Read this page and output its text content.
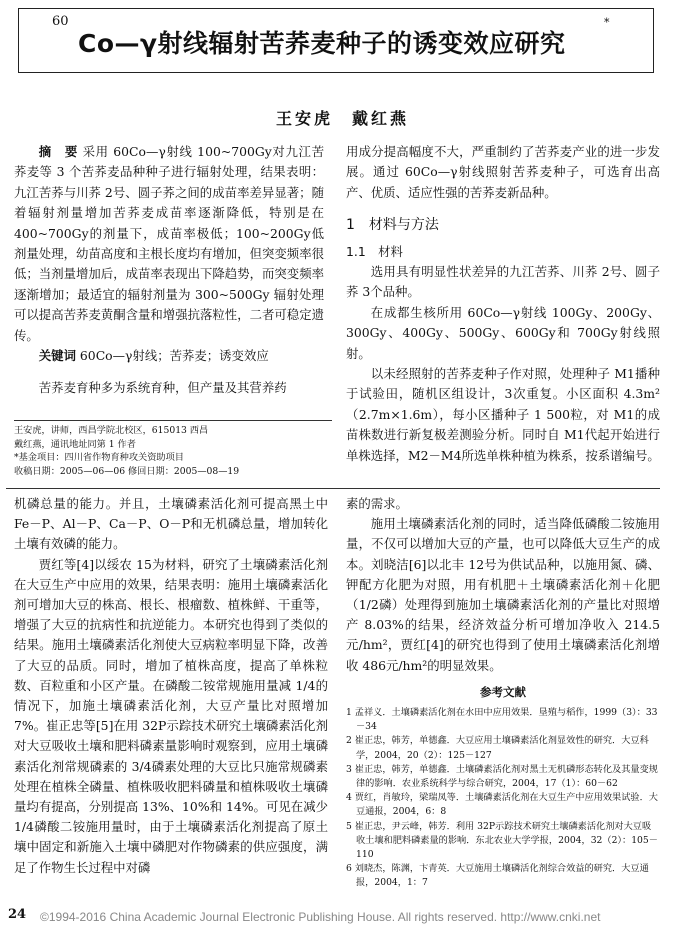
60
Co—γ射线辐射苦荞麦种子的诱变效应研究
*
王安虎　戴红燕

摘　要 采用 60Co—γ射线 100~700Gy对九江苦荞麦等 3 个苦荞麦品种种子进行辐射处理，结果表明：九江苦荞与川荞 2号、圆子荞之间的成苗率差异显著；随着辐射剂量增加苦荞麦成苗率逐渐降低，特别是在 400~700Gy的剂量下，成苗率极低；100~200Gy低剂量处理，幼苗高度和主根长度均有增加，但突变频率很低；当剂量增加后，成苗率表现出下降趋势，而突变频率逐渐增加；最适宜的辐射剂量为 300~500Gy 辐射处理可以提高苦荞麦黄酮含量和增强抗落粒性，二者可稳定遗传。

关键词 60Co—γ射线；苦荞麦；诱变效应

苦荞麦育种多为系统育种，但产量及其营养药

王安虎，讲师，西昌学院北校区，615013 西昌
戴红燕，通讯地址同第 1 作者
*基金项目：四川省作物育种攻关资助项目
收稿日期：2005—06—06 修回日期：2005—08—19

用成分提高幅度不大，严重制约了苦荞麦产业的进一步发展。通过 60Co—γ射线照射苦荞麦种子，可选育出高产、优质、适应性强的苦荞麦新品种。

1　材料与方法
1.1　材料

选用具有明显性状差异的九江苦荞、川荞 2号、圆子荞 3个品种。

在成都生核所用 60Co—γ射线 100Gy、200Gy、300Gy、400Gy、500Gy、600Gy和 700Gy射线照射。

以未经照射的苦荞麦种子作对照，处理种子 M1播种于试验田，随机区组设计，3次重复。小区面积 4.3m²（2.7m×1.6m），每小区播种子 1 500粒，对 M1的成苗株数进行新复极差测验分析。同时自 M1代起开始进行单株选择，M2－M4所选单株种植为株系，按系谱编号。

机磷总量的能力。并且，土壤磷素活化剂可提高黑土中 Fe－P、Al－P、Ca－P、O－P和无机磷总量，增加转化土壤有效磷的能力。

贾红等[4]以绥农 15为材料，研究了土壤磷素活化剂在大豆生产中应用的效果，结果表明：施用土壤磷素活化剂可增加大豆的株高、根长、根瘤数、植株鲜、干重等，增强了大豆的抗病性和抗逆能力。本研究也得到了类似的结果。施用土壤磷素活化剂使大豆病粒率明显下降，改善了大豆的品质。同时，增加了植株高度，提高了单株粒数、百粒重和小区产量。在磷酸二铵常规施用量减 1/4的情况下，加施土壤磷素活化剂，大豆产量比对照增加 7%。崔正忠等[5]在用 32P示踪技术研究土壤磷素活化剂对大豆吸收土壤和肥料磷素量影响时观察到，应用土壤磷素活化剂常规磷素的 3/4磷素处理的大豆比只施常规磷素处理在植株全磷量、植株吸收肥料磷量和植株吸收土壤磷量均有提高，分别提高 13%、10%和 14%。可见在减少 1/4磷酸二铵施用量时，由于土壤磷素活化剂提高了原土壤中固定和新施入土壤中磷肥对作物磷素的供应强度，满足了作物生长过程中对磷

素的需求。

施用土壤磷素活化剂的同时，适当降低磷酸二铵施用量，不仅可以增加大豆的产量，也可以降低大豆生产的成本。刘晓洁[6]以北丰 12号为供试品种，以施用氮、磷、钾配方化肥为对照，用有机肥＋土壤磷素活化剂＋化肥（1/2磷）处理得到施加土壤磷素活化剂的产量比对照增产 8.03%的结果，经济效益分析可增加净收入 214.5元/hm²，贾红[4]的研究也得到了使用土壤磷素活化剂增收 486元/hm²的明显效果。

参考文献
1 孟祥义．土壤磷素活化剂在水田中应用效果．垦殖与稻作，1999（3）：33－34
2 崔正忠，韩芳，单德鑫．大豆应用土壤磷素活化剂显效性的研究．大豆科学，2004，20（2）：125－127
3 崔正忠，韩芳，单德鑫．土壤磷素活化剂对黑土无机磷形态转化及其量变规律的影响．农业系统科学与综合研究，2004，17（1）：60－62
4 贾红，肖敏玲，梁瑞凤等．土壤磷素活化剂在大豆生产中应用效果试验．大豆通报，2004，6：8
5 崔正忠，尹云峰，韩芳．利用 32P示踪技术研究土壤磷素活化剂对大豆吸收土壤和肥料磷素量的影响．东北农业大学学报，2004，32（2）：105－110
6 刘晓杰，陈渊，卞青英．大豆施用土壤磷活化剂综合效益的研究．大豆通报，2004，1：7
24 ©1994-2016 China Academic Journal Electronic Publishing House. All rights reserved. http://www.cnki.net
